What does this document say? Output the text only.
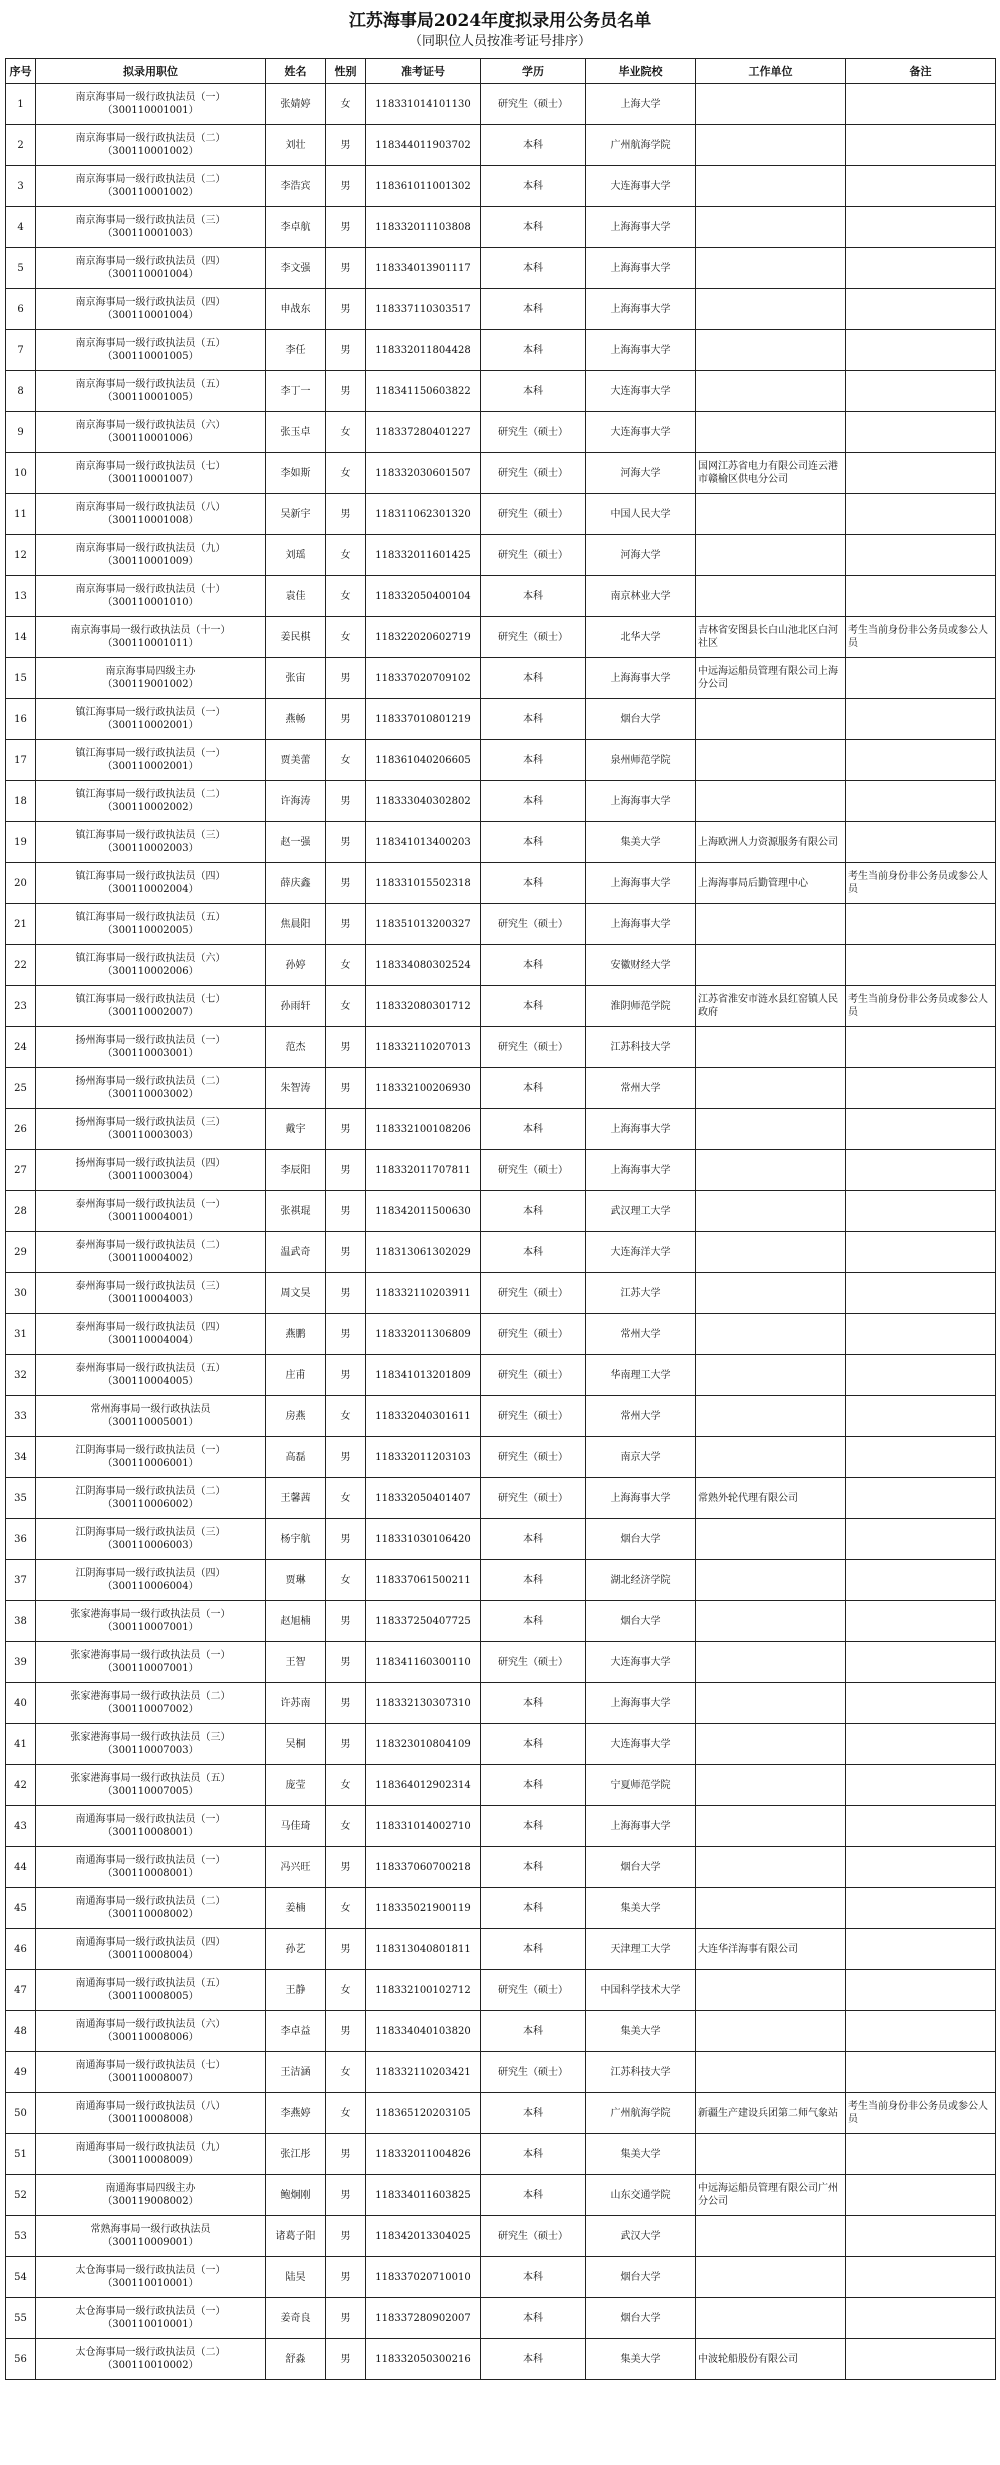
江苏海事局2024年度拟录用公务员名单
（同职位人员按准考证号排序）
序号	拟录用职位	姓名	性别	准考证号	学历	毕业院校	工作单位	备注
1	南京海事局一级行政执法员（一）
（300110001001）	张婧婷	女	118331014101130	研究生（硕士）	上海大学		
2	南京海事局一级行政执法员（二）
（300110001002）	刘壮	男	118344011903702	本科	广州航海学院		
3	南京海事局一级行政执法员（二）
（300110001002）	李浩宾	男	118361011001302	本科	大连海事大学		
4	南京海事局一级行政执法员（三）
（300110001003）	李卓航	男	118332011103808	本科	上海海事大学		
5	南京海事局一级行政执法员（四）
（300110001004）	李文强	男	118334013901117	本科	上海海事大学		
6	南京海事局一级行政执法员（四）
（300110001004）	申战东	男	118337110303517	本科	上海海事大学		
7	南京海事局一级行政执法员（五）
（300110001005）	李任	男	118332011804428	本科	上海海事大学		
8	南京海事局一级行政执法员（五）
（300110001005）	李丁一	男	118341150603822	本科	大连海事大学		
9	南京海事局一级行政执法员（六）
（300110001006）	张玉卓	女	118337280401227	研究生（硕士）	大连海事大学		
10	南京海事局一级行政执法员（七）
（300110001007）	李如斯	女	118332030601507	研究生（硕士）	河海大学	国网江苏省电力有限公司连云港市赣榆区供电分公司	
11	南京海事局一级行政执法员（八）
（300110001008）	吴新宇	男	118311062301320	研究生（硕士）	中国人民大学		
12	南京海事局一级行政执法员（九）
（300110001009）	刘瑶	女	118332011601425	研究生（硕士）	河海大学		
13	南京海事局一级行政执法员（十）
（300110001010）	袁佳	女	118332050400104	本科	南京林业大学		
14	南京海事局一级行政执法员（十一）
（300110001011）	姜民棋	女	118322020602719	研究生（硕士）	北华大学	吉林省安图县长白山池北区白河社区	考生当前身份非公务员或参公人员
15	南京海事局四级主办
（300119001002）	张宙	男	118337020709102	本科	上海海事大学	中远海运船员管理有限公司上海分公司	
16	镇江海事局一级行政执法员（一）
（300110002001）	燕畅	男	118337010801219	本科	烟台大学		
17	镇江海事局一级行政执法员（一）
（300110002001）	贾美蕾	女	118361040206605	本科	泉州师范学院		
18	镇江海事局一级行政执法员（二）
（300110002002）	许海涛	男	118333040302802	本科	上海海事大学		
19	镇江海事局一级行政执法员（三）
（300110002003）	赵一强	男	118341013400203	本科	集美大学	上海欧洲人力资源服务有限公司	
20	镇江海事局一级行政执法员（四）
（300110002004）	薛庆鑫	男	118331015502318	本科	上海海事大学	上海海事局后勤管理中心	考生当前身份非公务员或参公人员
21	镇江海事局一级行政执法员（五）
（300110002005）	焦晨阳	男	118351013200327	研究生（硕士）	上海海事大学		
22	镇江海事局一级行政执法员（六）
（300110002006）	孙婷	女	118334080302524	本科	安徽财经大学		
23	镇江海事局一级行政执法员（七）
（300110002007）	孙雨轩	女	118332080301712	本科	淮阴师范学院	江苏省淮安市涟水县红窑镇人民政府	考生当前身份非公务员或参公人员
24	扬州海事局一级行政执法员（一）
（300110003001）	范杰	男	118332110207013	研究生（硕士）	江苏科技大学		
25	扬州海事局一级行政执法员（二）
（300110003002）	朱智涛	男	118332100206930	本科	常州大学		
26	扬州海事局一级行政执法员（三）
（300110003003）	戴宇	男	118332100108206	本科	上海海事大学		
27	扬州海事局一级行政执法员（四）
（300110003004）	李辰阳	男	118332011707811	研究生（硕士）	上海海事大学		
28	泰州海事局一级行政执法员（一）
（300110004001）	张祺琨	男	118342011500630	本科	武汉理工大学		
29	泰州海事局一级行政执法员（二）
（300110004002）	温武奇	男	118313061302029	本科	大连海洋大学		
30	泰州海事局一级行政执法员（三）
（300110004003）	周文昊	男	118332110203911	研究生（硕士）	江苏大学		
31	泰州海事局一级行政执法员（四）
（300110004004）	燕鹏	男	118332011306809	研究生（硕士）	常州大学		
32	泰州海事局一级行政执法员（五）
（300110004005）	庄甫	男	118341013201809	研究生（硕士）	华南理工大学		
33	常州海事局一级行政执法员
（300110005001）	房燕	女	118332040301611	研究生（硕士）	常州大学		
34	江阴海事局一级行政执法员（一）
（300110006001）	高磊	男	118332011203103	研究生（硕士）	南京大学		
35	江阴海事局一级行政执法员（二）
（300110006002）	王馨茜	女	118332050401407	研究生（硕士）	上海海事大学	常熟外轮代理有限公司	
36	江阴海事局一级行政执法员（三）
（300110006003）	杨宇航	男	118331030106420	本科	烟台大学		
37	江阴海事局一级行政执法员（四）
（300110006004）	贾琳	女	118337061500211	本科	湖北经济学院		
38	张家港海事局一级行政执法员（一）
（300110007001）	赵旭楠	男	118337250407725	本科	烟台大学		
39	张家港海事局一级行政执法员（一）
（300110007001）	王智	男	118341160300110	研究生（硕士）	大连海事大学		
40	张家港海事局一级行政执法员（二）
（300110007002）	许苏南	男	118332130307310	本科	上海海事大学		
41	张家港海事局一级行政执法员（三）
（300110007003）	吴桐	男	118323010804109	本科	大连海事大学		
42	张家港海事局一级行政执法员（五）
（300110007005）	庞莹	女	118364012902314	本科	宁夏师范学院		
43	南通海事局一级行政执法员（一）
（300110008001）	马佳琦	女	118331014002710	本科	上海海事大学		
44	南通海事局一级行政执法员（一）
（300110008001）	冯兴旺	男	118337060700218	本科	烟台大学		
45	南通海事局一级行政执法员（二）
（300110008002）	姜楠	女	118335021900119	本科	集美大学		
46	南通海事局一级行政执法员（四）
（300110008004）	孙艺	男	118313040801811	本科	天津理工大学	大连华洋海事有限公司	
47	南通海事局一级行政执法员（五）
（300110008005）	王静	女	118332100102712	研究生（硕士）	中国科学技术大学		
48	南通海事局一级行政执法员（六）
（300110008006）	李卓益	男	118334040103820	本科	集美大学		
49	南通海事局一级行政执法员（七）
（300110008007）	王洁涵	女	118332110203421	研究生（硕士）	江苏科技大学		
50	南通海事局一级行政执法员（八）
（300110008008）	李燕婷	女	118365120203105	本科	广州航海学院	新疆生产建设兵团第二师气象站	考生当前身份非公务员或参公人员
51	南通海事局一级行政执法员（九）
（300110008009）	张江彤	男	118332011004826	本科	集美大学		
52	南通海事局四级主办
（300119008002）	鲍炯刚	男	118334011603825	本科	山东交通学院	中远海运船员管理有限公司广州分公司	
53	常熟海事局一级行政执法员
（300110009001）	诸葛子阳	男	118342013304025	研究生（硕士）	武汉大学		
54	太仓海事局一级行政执法员（一）
（300110010001）	陆昊	男	118337020710010	本科	烟台大学		
55	太仓海事局一级行政执法员（一）
（300110010001）	姜奇良	男	118337280902007	本科	烟台大学		
56	太仓海事局一级行政执法员（二）
（300110010002）	舒淼	男	118332050300216	本科	集美大学	中波轮船股份有限公司	
